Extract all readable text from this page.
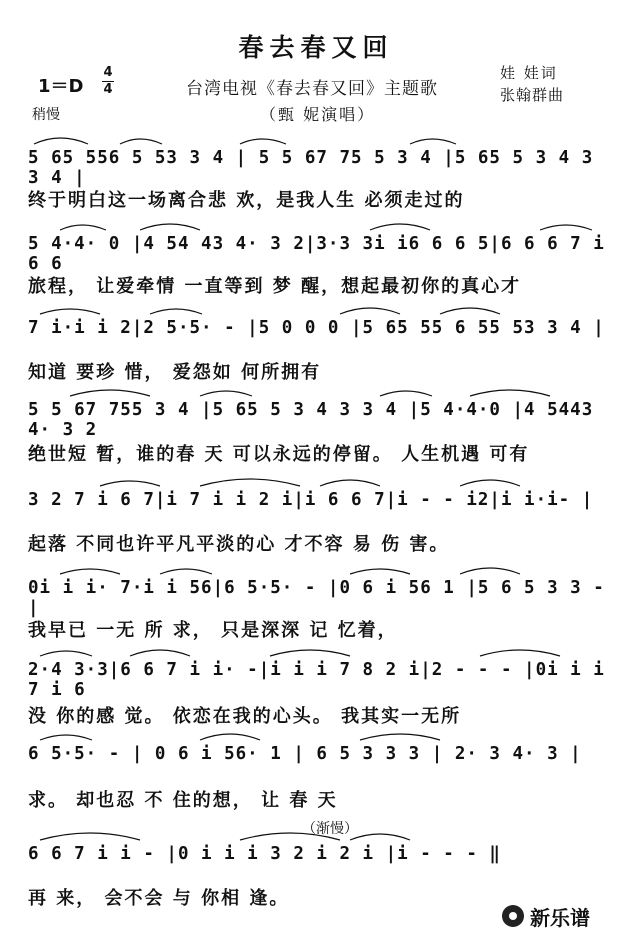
春去春又回
1＝D
4
4	台湾电视《春去春又回》主题歌
娃 娃词
张翰群曲
稍慢	（甄 妮演唱）
5 65 556 5 53 3 4 | 5 5 67 75 5 3 4 |5 65 5 3 4 3 3 4 |
终于明白这一场离合悲 欢，是我人生 必须走过的
5 4·4· 0 |4 54 43 4· 3 2|3·3 3i i6 6 6 5|6 6 6 7 i 6 6
旅程， 让爱牵情 一直等到 梦 醒，想起最初你的真心才
7 i·i i 2|2 5·5· - |5 0 0 0 |5 65 55 6 55 53 3 4 |
知道 要珍 惜， 爱怨如 何所拥有
5 5 67 755 3 4 |5 65 5 3 4 3 3 4 |5 4·4·0 |4 5443 4· 3 2
绝世短 暂，谁的春 天 可以永远的停留。 人生机遇 可有
3 2 7 i 6 7|i 7 i i 2 i|i 6 6 7|i - - i2|i i·i- |
起落 不同也许平凡平淡的心 才不容 易 伤 害。
0i i i· 7·i i 56|6 5·5· - |0 6 i 56 1 |5 6 5 3 3 - |
我早已 一无 所 求， 只是深深 记 忆着，
2·4 3·3|6 6 7 i i· -|i i i 7 8 2 i|2 - - - |0i i i 7 i 6
没 你的感 觉。 依恋在我的心头。 我其实一无所
6 5·5· - | 0 6 i 56· 1 | 6 5 3 3 3 | 2· 3 4· 3 |
求。 却也忍 不 住的想， 让 春 天
（渐慢）
6 6 7 i i - |0 i i i 3 2 i 2 i |i - - - ‖
再 来， 会不会 与 你相 逢。
新乐谱
